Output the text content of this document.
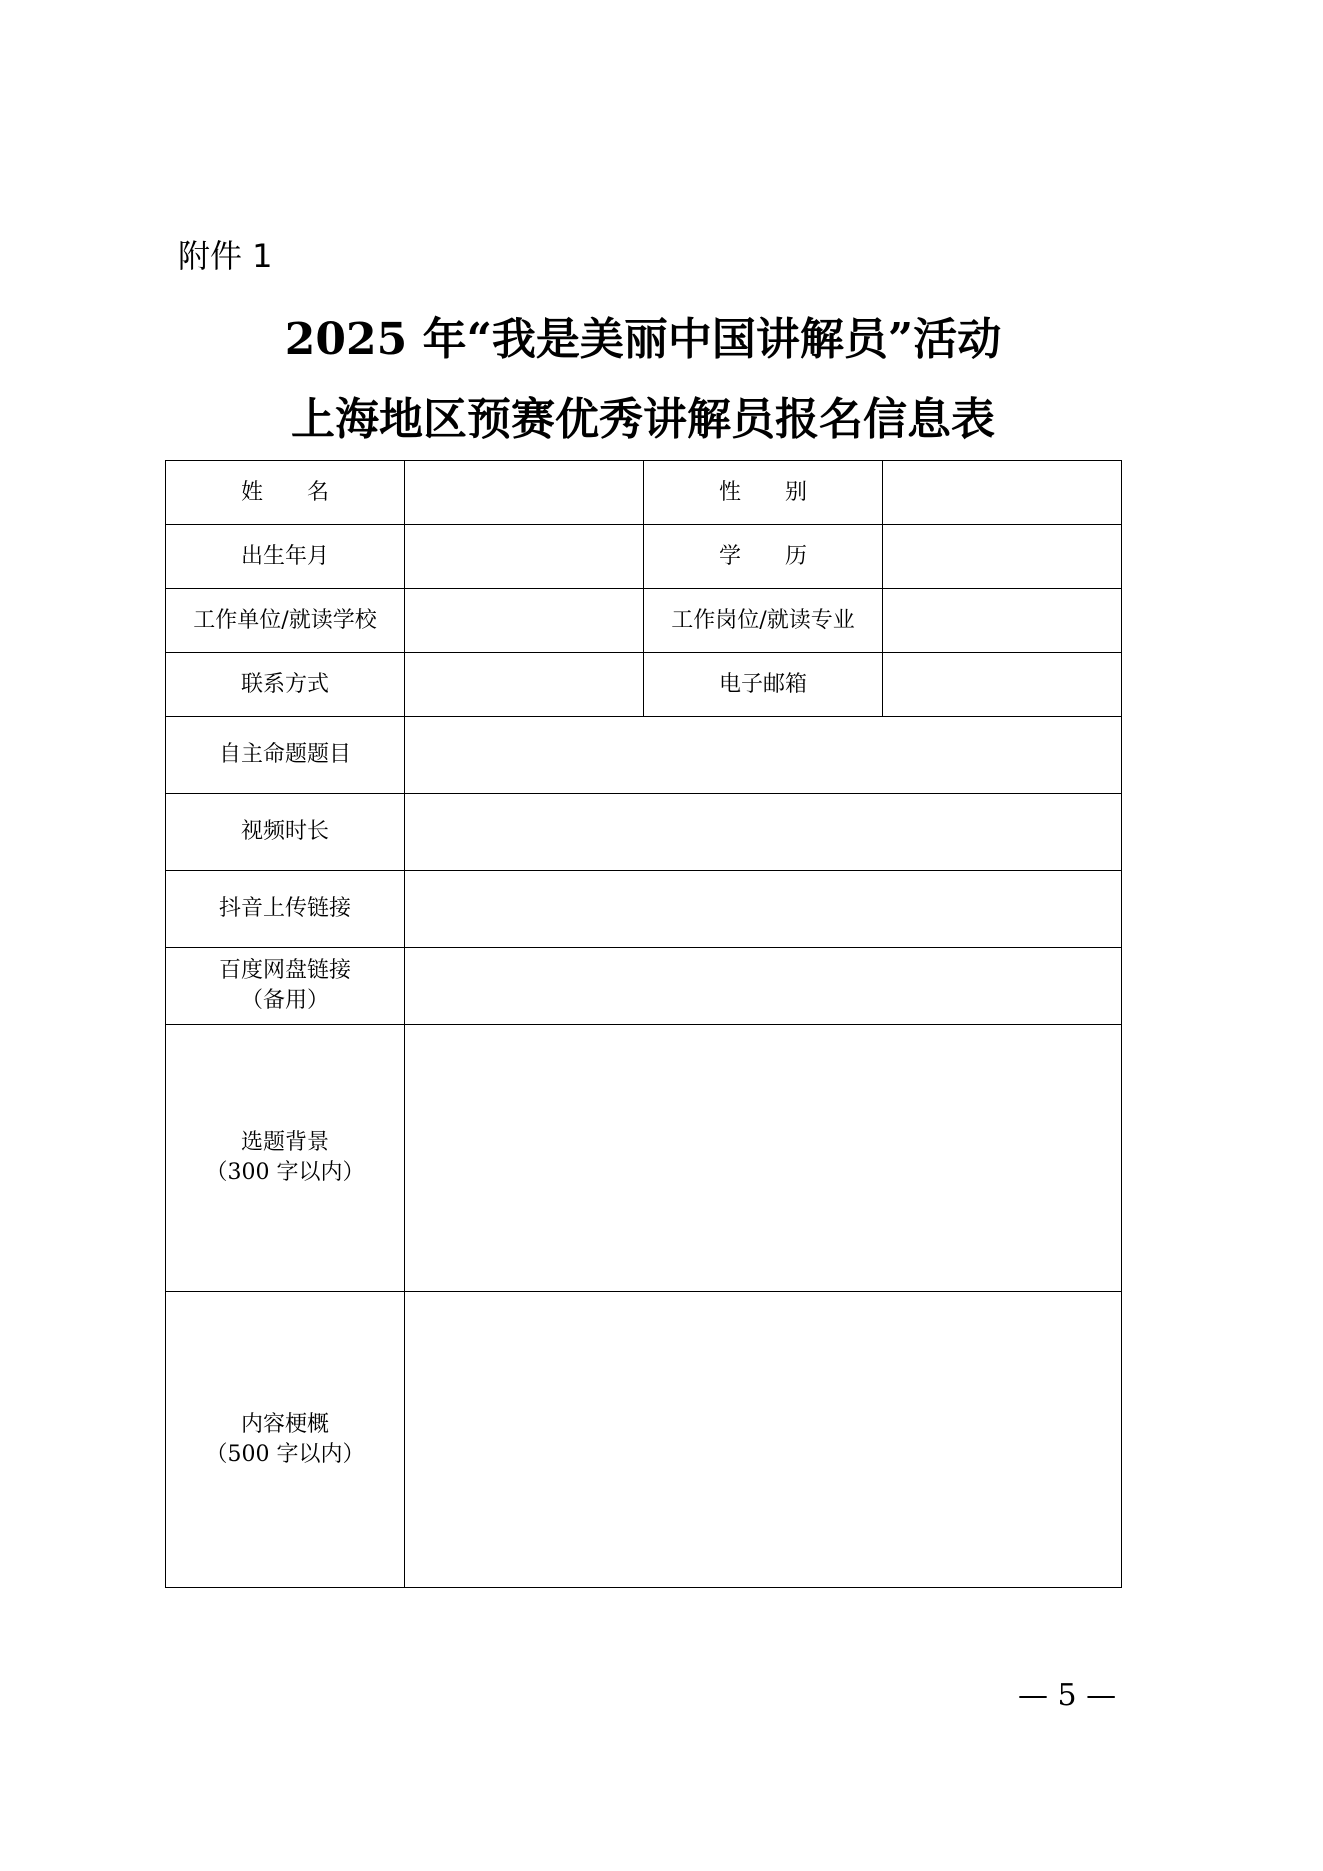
附件 1
2025 年“我是美丽中国讲解员”活动
上海地区预赛优秀讲解员报名信息表
姓 名		性 别	
出生年月		学 历	
工作单位/就读学校		工作岗位/就读专业	
联系方式		电子邮箱	
自主命题题目			
视频时长			
抖音上传链接			

百度网盘链接
（备用）			

选题背景
（300 字以内）			

内容梗概
（500 字以内）			

— 5 —
